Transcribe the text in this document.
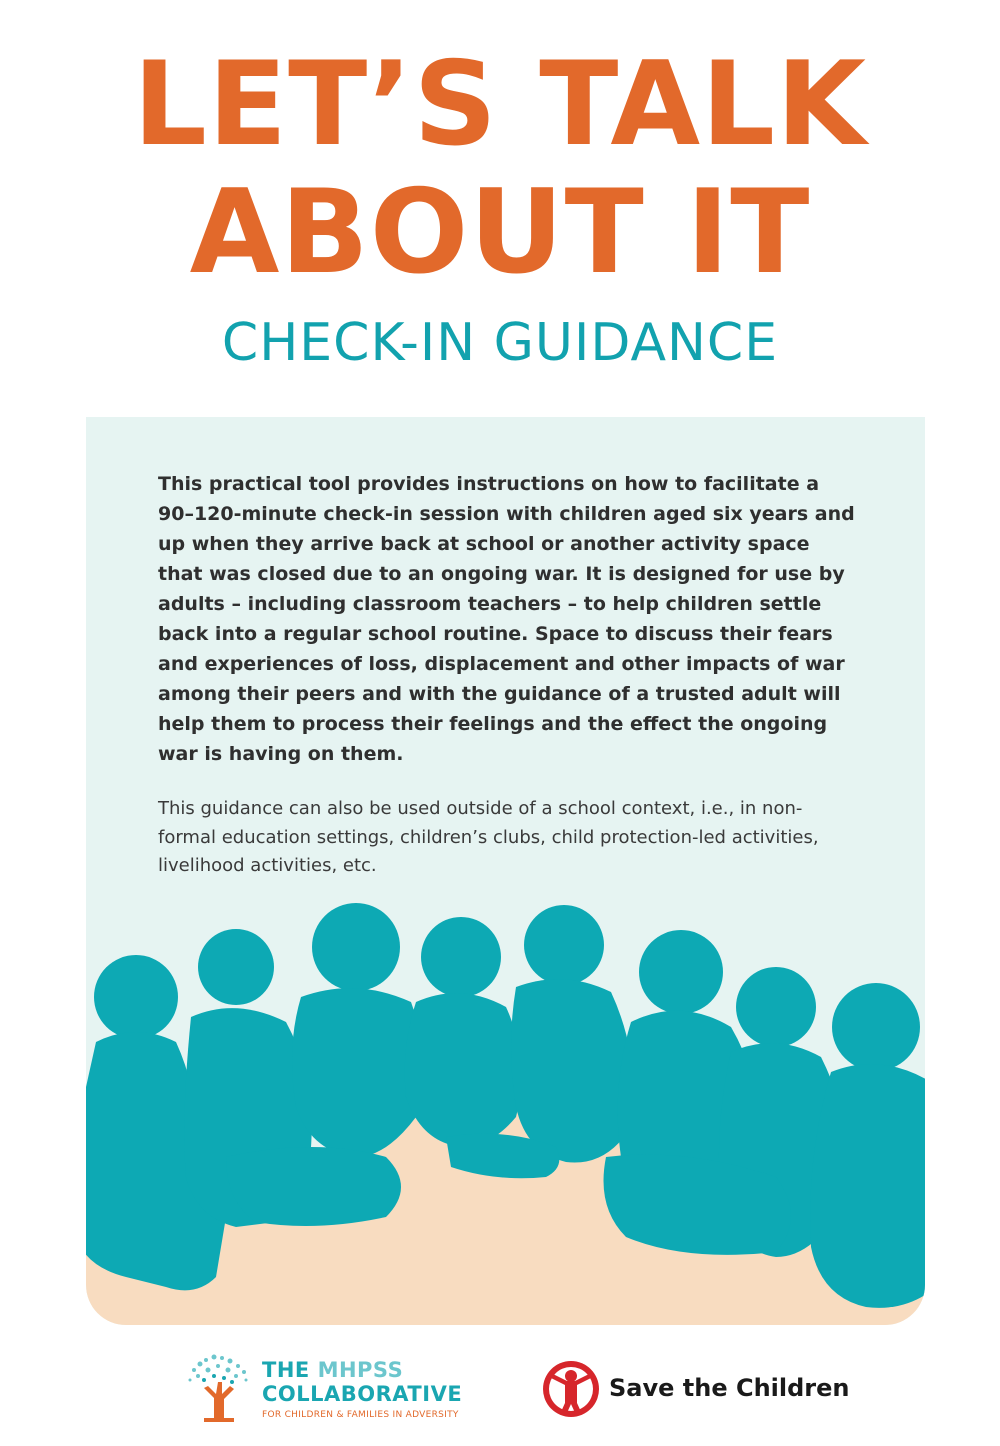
LET’S TALK
ABOUT IT
CHECK-IN GUIDANCE

This practical tool provides instructions on how to facilitate a 90–120-minute check-in session with children aged six years and up when they arrive back at school or another activity space that was closed due to an ongoing war. It is designed for use by adults – including classroom teachers – to help children settle back into a regular school routine. Space to discuss their fears and experiences of loss, displacement and other impacts of war among their peers and with the guidance of a trusted adult will help them to process their feelings and the effect the ongoing war is having on them.

This guidance can also be used outside of a school context, i.e., in non-formal education settings, children’s clubs, child protection-led activities, livelihood activities, etc.

THE MHPSS
COLLABORATIVE
FOR CHILDREN & FAMILIES IN ADVERSITY
Save the Children
